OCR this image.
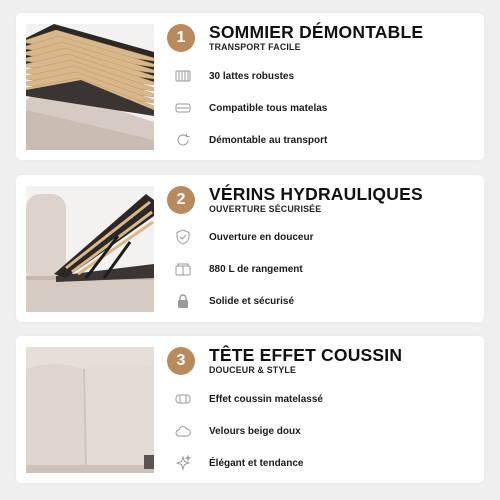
1	SOMMIER DÉMONTABLE
TRANSPORT FACILE
30 lattes robustes
Compatible tous matelas
Démontable au transport
2	VÉRINS HYDRAULIQUES
OUVERTURE SÉCURISÉE
Ouverture en douceur
880 L de rangement
Solide et sécurisé
3	TÊTE EFFET COUSSIN
DOUCEUR & STYLE
Effet coussin matelassé
Velours beige doux
Élégant et tendance
